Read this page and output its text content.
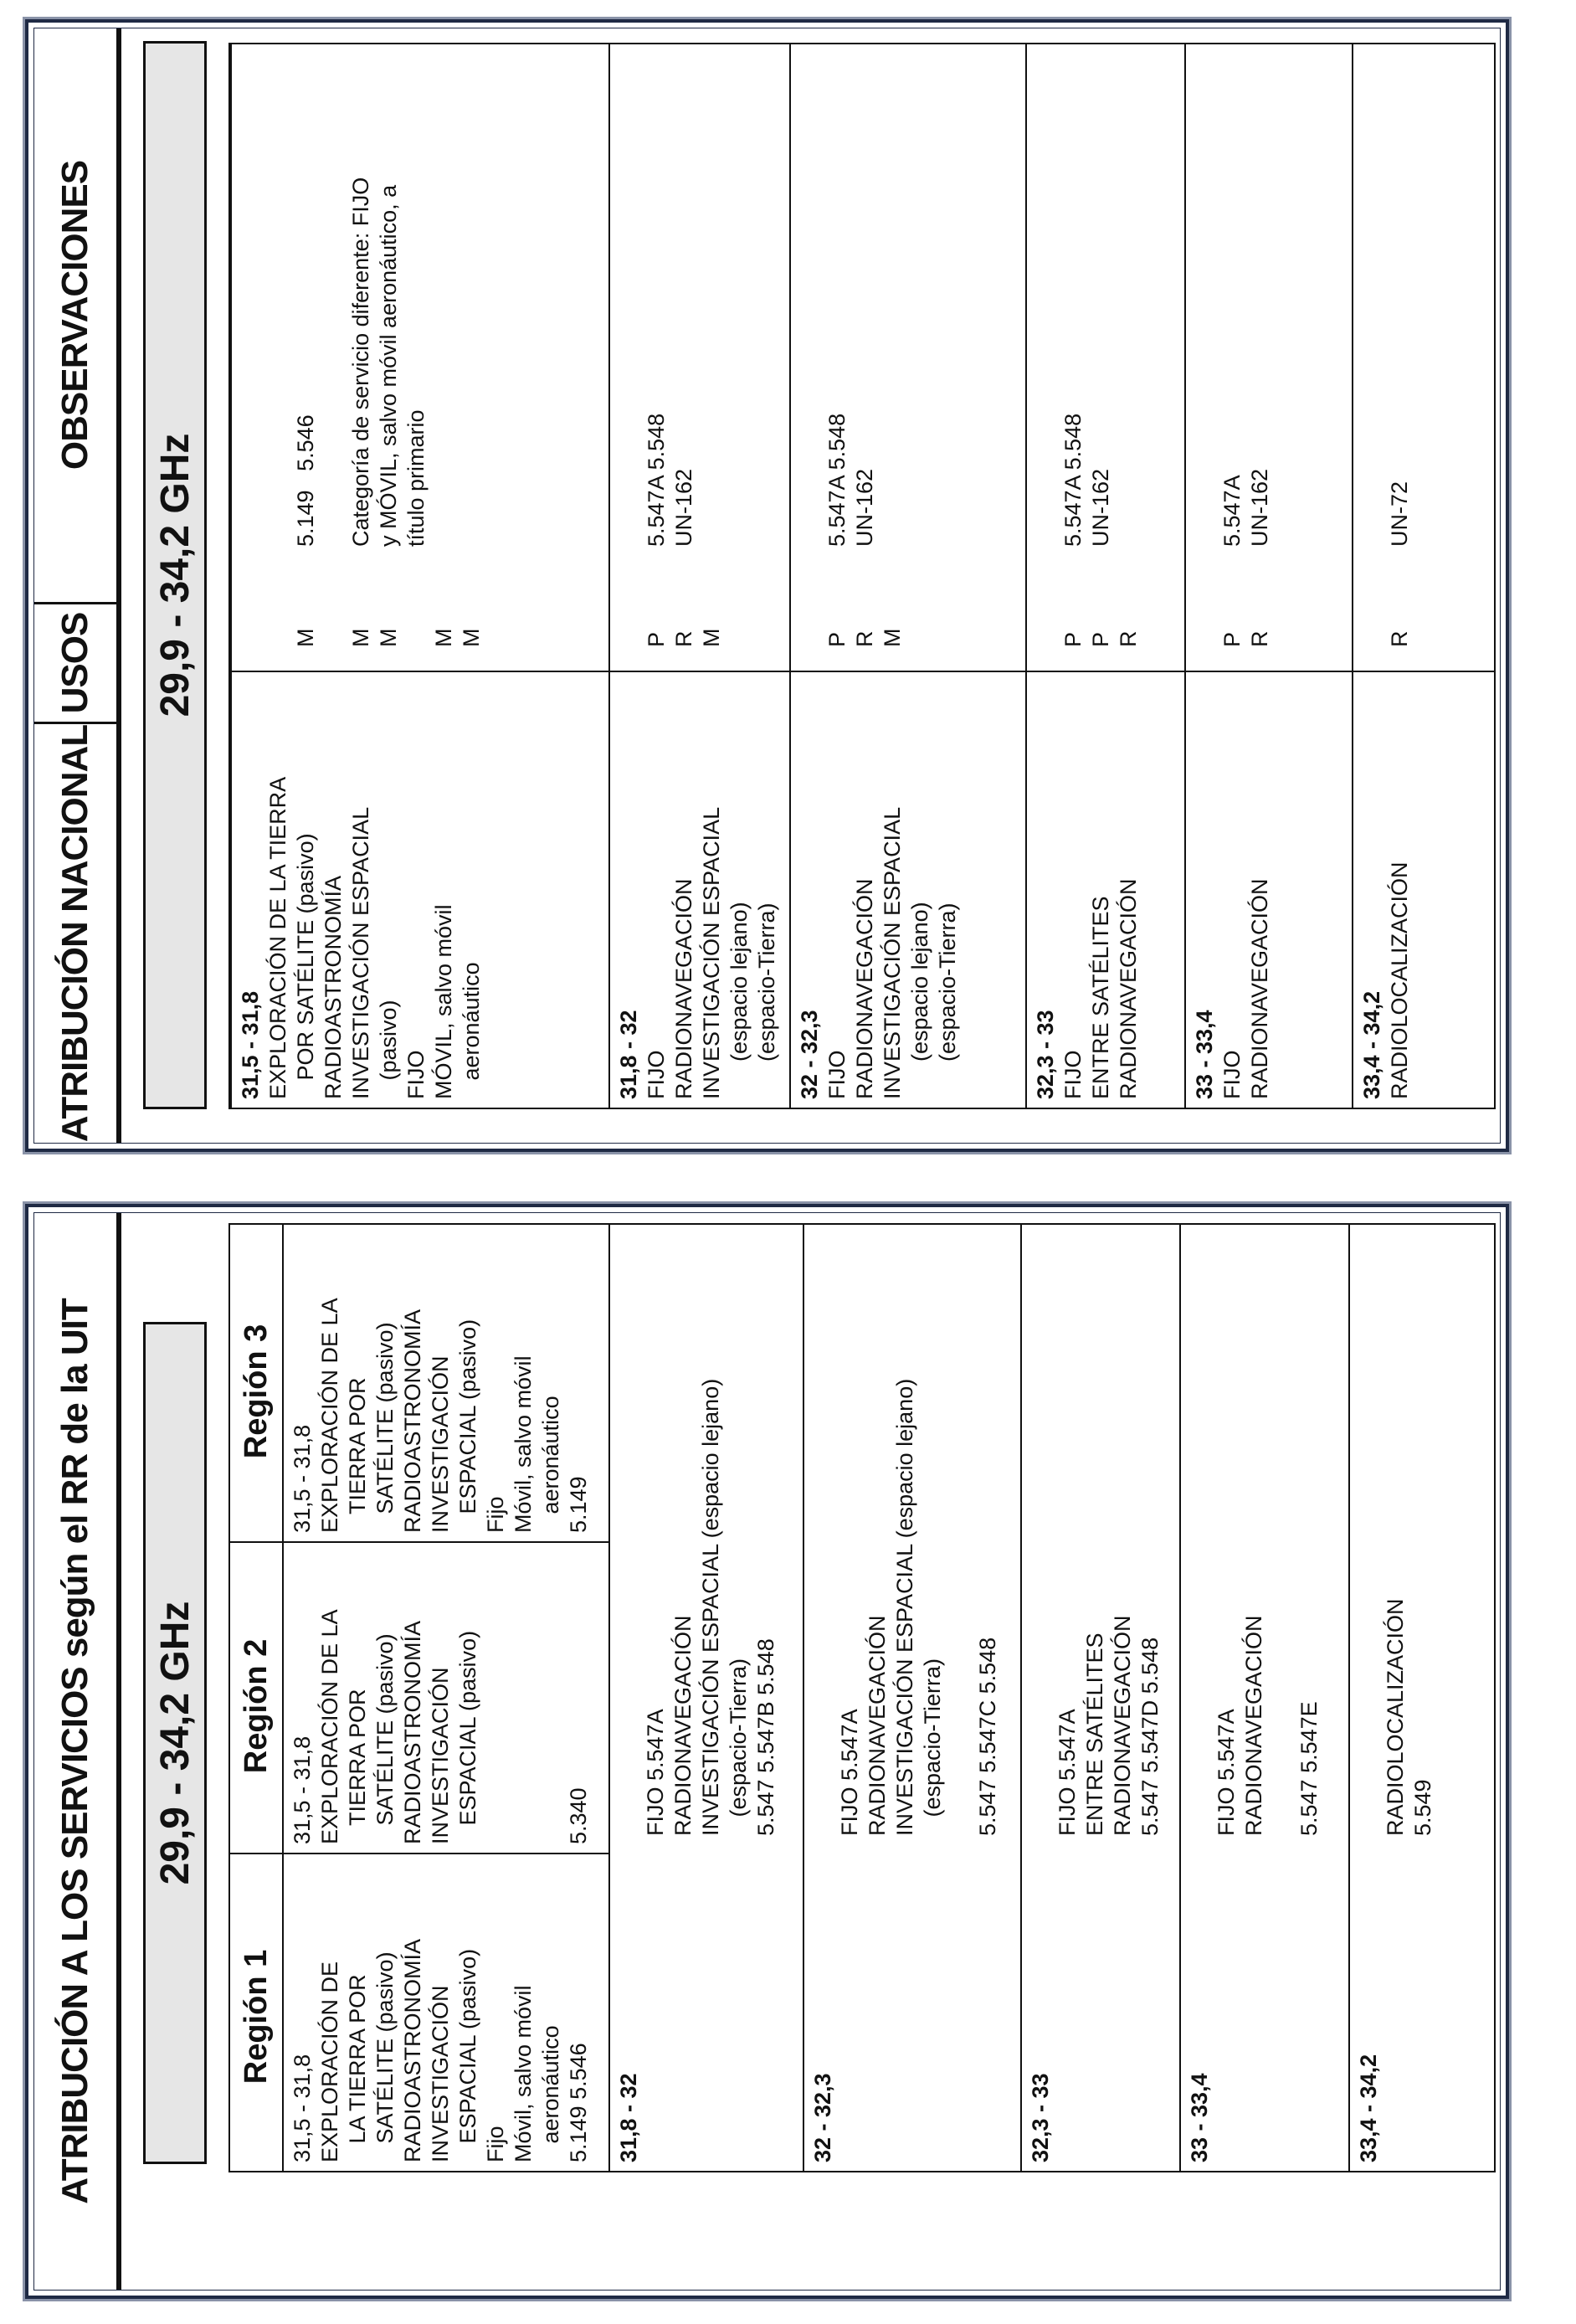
ATRIBUCIÓN A LOS SERVICIOS según el RR de la UIT	29,9 - 34,2 GHz
Región 1
Región 2
Región 3
31,5 - 31,8
EXPLORACIÓN DE
LA TIERRA POR
SATÉLITE (pasivo)
RADIOASTRONOMÍA
INVESTIGACIÓN
ESPACIAL (pasivo)
Fijo
Móvil, salvo móvil
aeronáutico
5.149 5.546
31,5 - 31,8
EXPLORACIÓN DE LA
TIERRA POR
SATÉLITE (pasivo)
RADIOASTRONOMÍA
INVESTIGACIÓN
ESPACIAL (pasivo)

5.340
31,5 - 31,8
EXPLORACIÓN DE LA
TIERRA POR
SATÉLITE (pasivo)
RADIOASTRONOMÍA
INVESTIGACIÓN
ESPACIAL (pasivo)
Fijo
Móvil, salvo móvil
aeronáutico
5.149
31,8 - 32
FIJO 5.547A
RADIONAVEGACIÓN
INVESTIGACIÓN ESPACIAL (espacio lejano)
(espacio-Tierra)
5.547 5.547B 5.548
32 - 32,3
FIJO 5.547A
RADIONAVEGACIÓN
INVESTIGACIÓN ESPACIAL (espacio lejano)
(espacio-Tierra)

5.547 5.547C 5.548
32,3 - 33
FIJO 5.547A
ENTRE SATÉLITES
RADIONAVEGACIÓN
5.547 5.547D 5.548
33 - 33,4
FIJO 5.547A
RADIONAVEGACIÓN

5.547 5.547E
33,4 - 34,2
RADIOLOCALIZACIÓN
5.549
ATRIBUCIÓN NACIONAL
USOS
OBSERVACIONES
29,9 - 34,2 GHz
31,5 - 31,8 EXPLORACIÓN DE LA TIERRA
POR SATÉLITE (pasivo)
RADIOASTRONOMÍA
INVESTIGACIÓN ESPACIAL
(pasivo)
FIJO
MÓVIL, salvo móvil
aeronáutico

M

M
M

M
M

5.149   5.546

Categoría de servicio diferente: FIJO
y MÓVIL, salvo móvil aeronáutico, a
título primario
31,8 - 32 FIJO
RADIONAVEGACIÓN
INVESTIGACIÓN ESPACIAL
(espacio lejano)
(espacio-Tierra)

P
R
M

5.547A 5.548
UN-162
32 - 32,3 FIJO
RADIONAVEGACIÓN
INVESTIGACIÓN ESPACIAL
(espacio lejano)
(espacio-Tierra)

P
R
M

5.547A 5.548
UN-162
32,3 - 33 FIJO
ENTRE SATÉLITES
RADIONAVEGACIÓN

P
P
R

5.547A 5.548
UN-162
33 - 33,4 FIJO
RADIONAVEGACIÓN

P
R

5.547A
UN-162
33,4 - 34,2 RADIOLOCALIZACIÓN

R

UN-72
